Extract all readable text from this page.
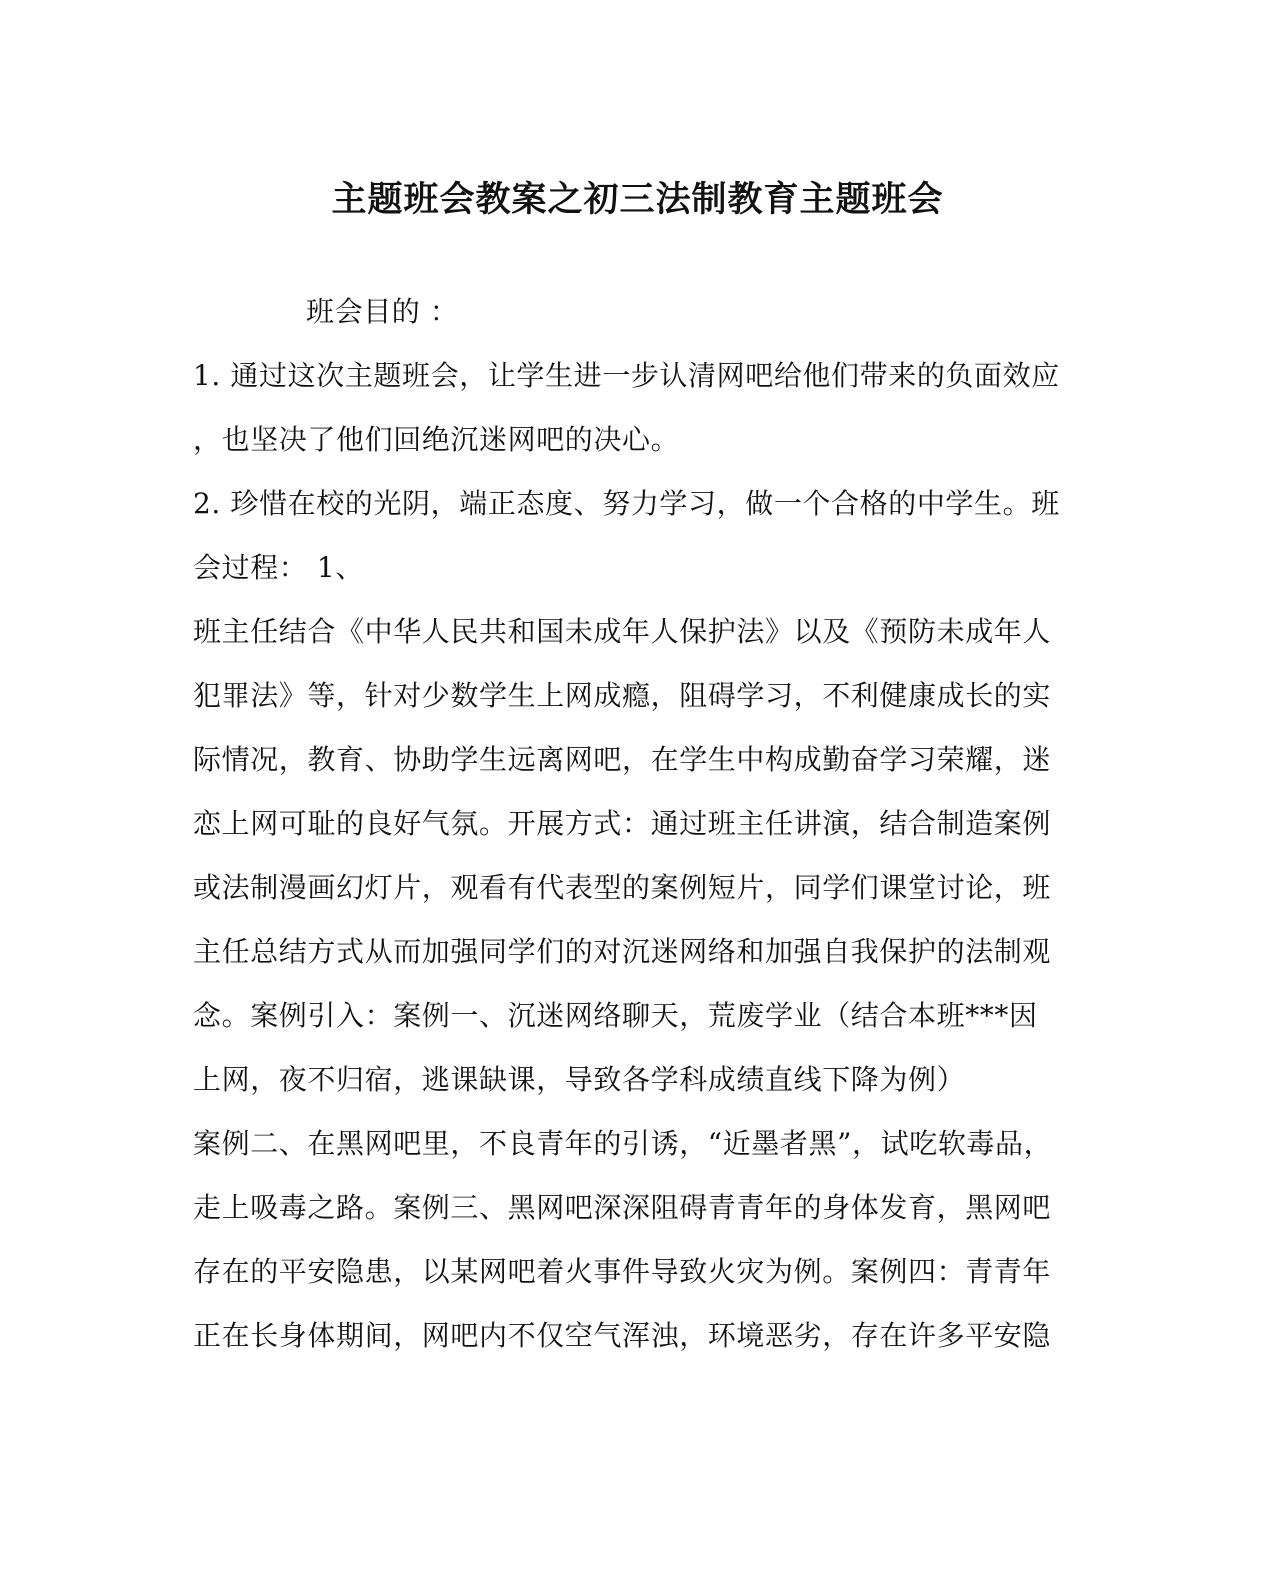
主题班会教案之初三法制教育主题班会
班会目的 ：
1. 通过这次主题班会，让学生进一步认清网吧给他们带来的负面效应
，也坚决了他们回绝沉迷网吧的决心。
2. 珍惜在校的光阴，端正态度、努力学习，做一个合格的中学生。班
会过程： 1、
班主任结合《中华人民共和国未成年人保护法》以及《预防未成年人
犯罪法》等，针对少数学生上网成瘾，阻碍学习，不利健康成长的实
际情况，教育、协助学生远离网吧，在学生中构成勤奋学习荣耀，迷
恋上网可耻的良好气氛。开展方式：通过班主任讲演，结合制造案例
或法制漫画幻灯片，观看有代表型的案例短片，同学们课堂讨论，班
主任总结方式从而加强同学们的对沉迷网络和加强自我保护的法制观
念。案例引入：案例一、沉迷网络聊天，荒废学业（结合本班***因
上网，夜不归宿，逃课缺课，导致各学科成绩直线下降为例）
案例二、在黑网吧里，不良青年的引诱，“近墨者黑”，试吃软毒品，
走上吸毒之路。案例三、黑网吧深深阻碍青青年的身体发育，黑网吧
存在的平安隐患，以某网吧着火事件导致火灾为例。案例四：青青年
正在长身体期间，网吧内不仅空气浑浊，环境恶劣，存在许多平安隐
